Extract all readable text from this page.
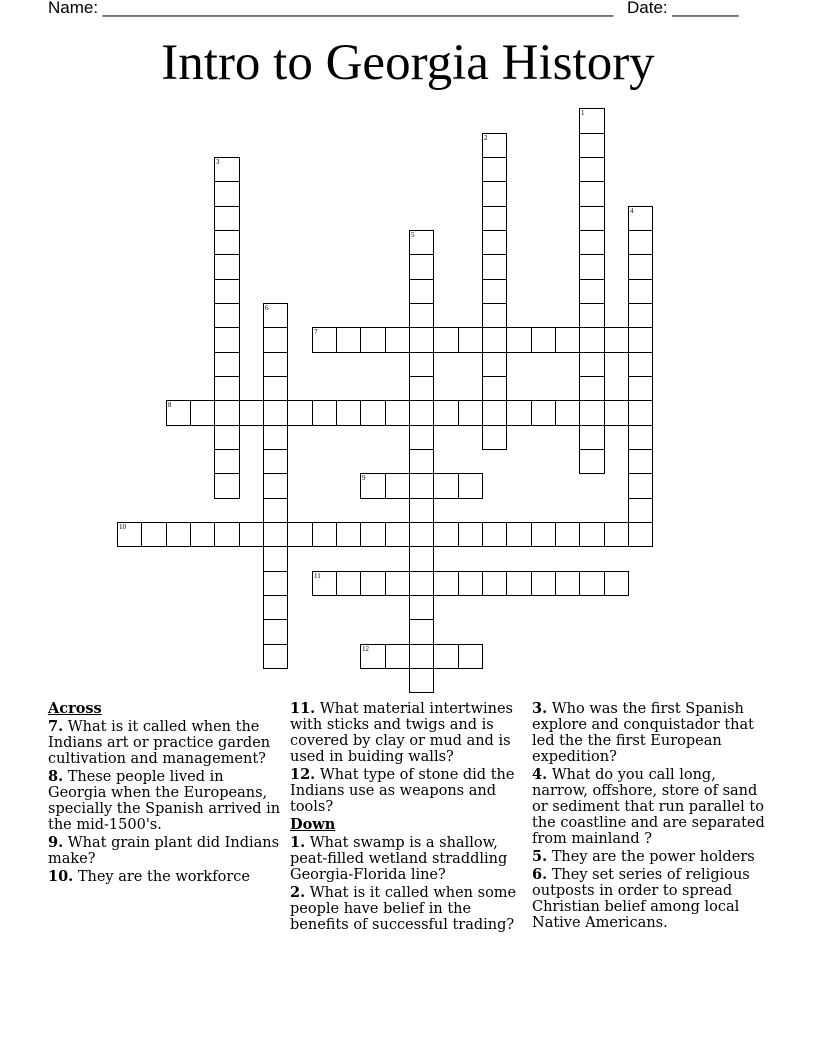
Name: ______________________________________________________ Date: _______
Intro to Georgia History
1
2
3
4
5
6
7
8
9
10
11
12
Across
7. What is it called when the Indians art or practice garden cultivation and management?
8. These people lived in Georgia when the Europeans, specially the Spanish arrived in the mid-1500's.
9. What grain plant did Indians make?
10. They are the workforce
11. What material intertwines with sticks and twigs and is covered by clay or mud and is used in buiding walls?
12. What type of stone did the Indians use as weapons and tools?
Down
1. What swamp is a shallow, peat-filled wetland straddling Georgia-Florida line?
2. What is it called when some people have belief in the benefits of successful trading?
3. Who was the first Spanish explore and conquistador that led the the first European expedition?
4. What do you call long, narrow, offshore, store of sand or sediment that run parallel to the coastline and are separated from mainland ?
5. They are the power holders
6. They set series of religious outposts in order to spread Christian belief among local Native Americans.
